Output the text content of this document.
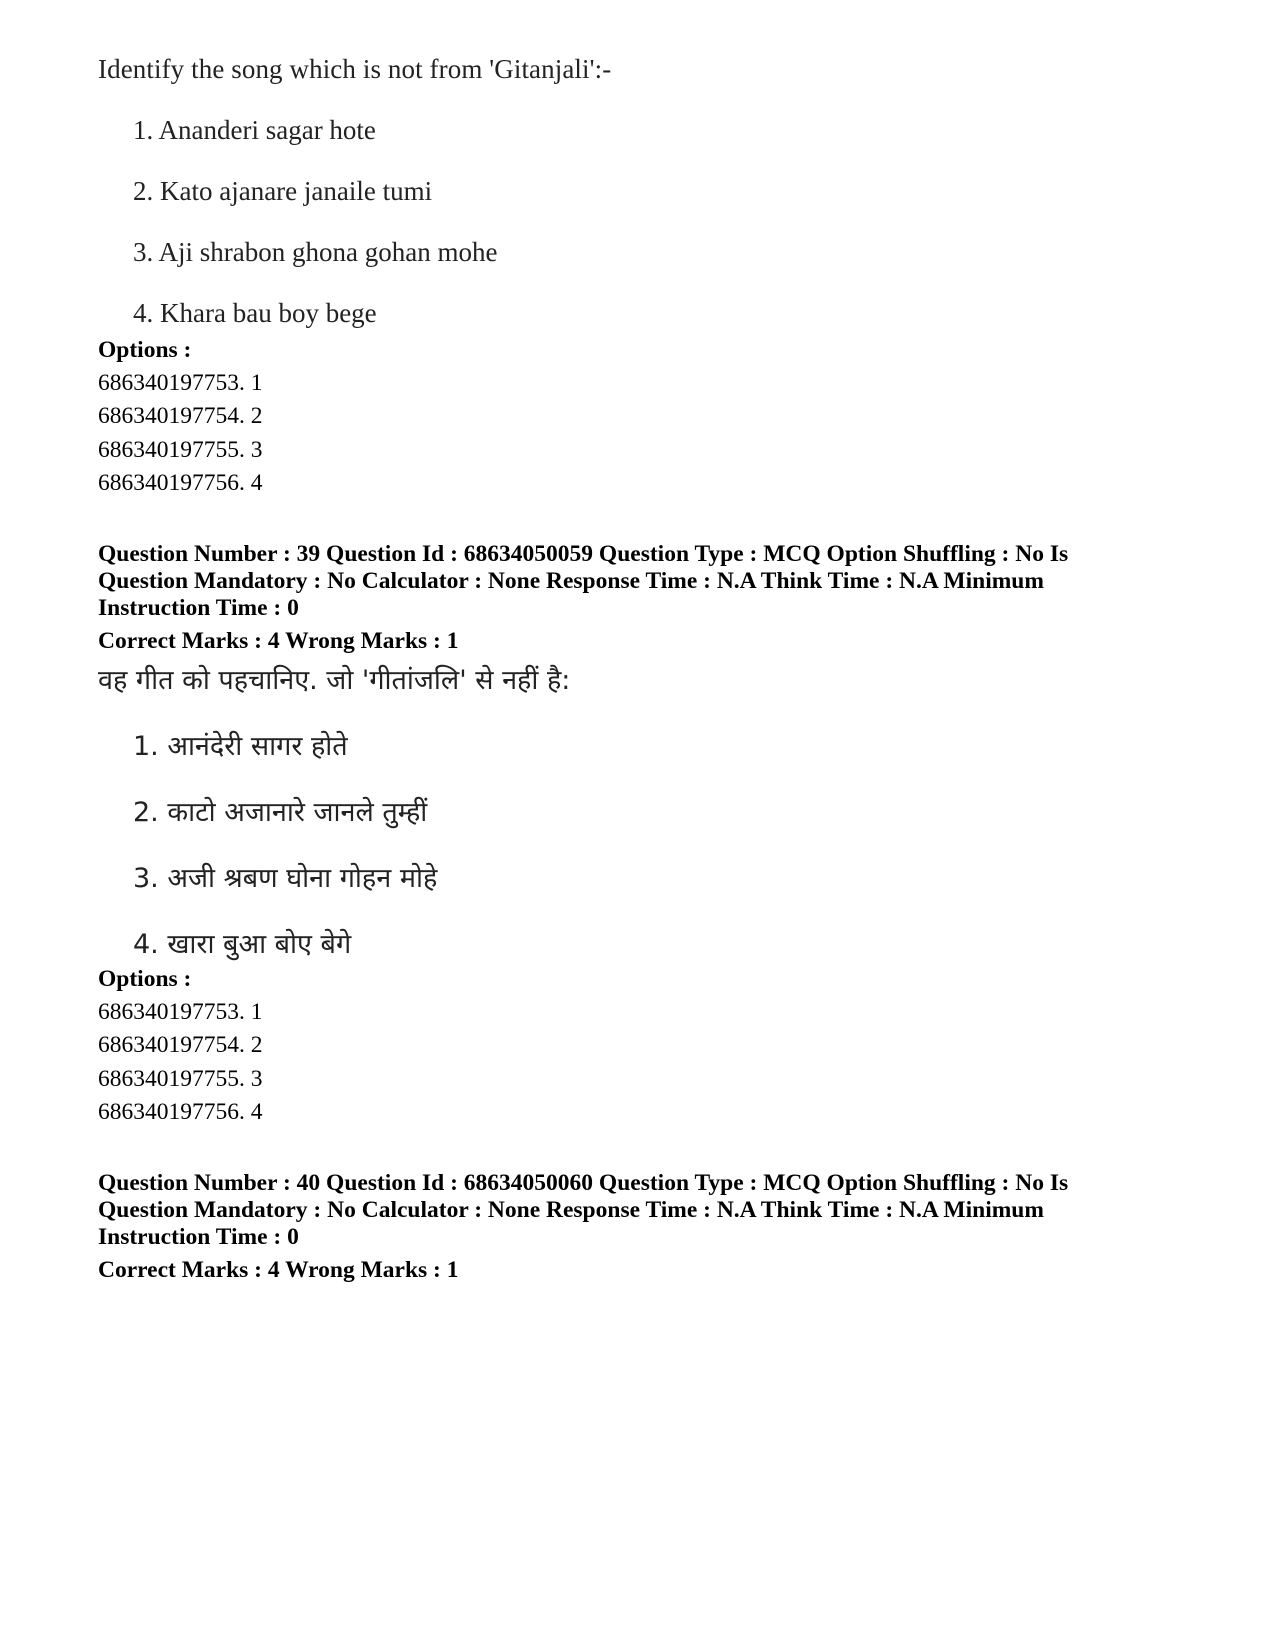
Identify the song which is not from 'Gitanjali':-
1. Ananderi sagar hote
2. Kato ajanare janaile tumi
3. Aji shrabon ghona gohan mohe
4. Khara bau boy bege
Options :
686340197753. 1
686340197754. 2
686340197755. 3
686340197756. 4
Question Number : 39 Question Id : 68634050059 Question Type : MCQ Option Shuffling : No Is
Question Mandatory : No Calculator : None Response Time : N.A Think Time : N.A Minimum
Instruction Time : 0
Correct Marks : 4 Wrong Marks : 1
वह गीत को पहचानिए. जो 'गीतांजलि' से नहीं है:
1. आनंदेरी सागर होते
2. काटो अजानारे जानले तुम्हीं
3. अजी श्रबण घोना गोहन मोहे
4. खारा बुआ बोए बेगे
Options :
686340197753. 1
686340197754. 2
686340197755. 3
686340197756. 4
Question Number : 40 Question Id : 68634050060 Question Type : MCQ Option Shuffling : No Is
Question Mandatory : No Calculator : None Response Time : N.A Think Time : N.A Minimum
Instruction Time : 0
Correct Marks : 4 Wrong Marks : 1
